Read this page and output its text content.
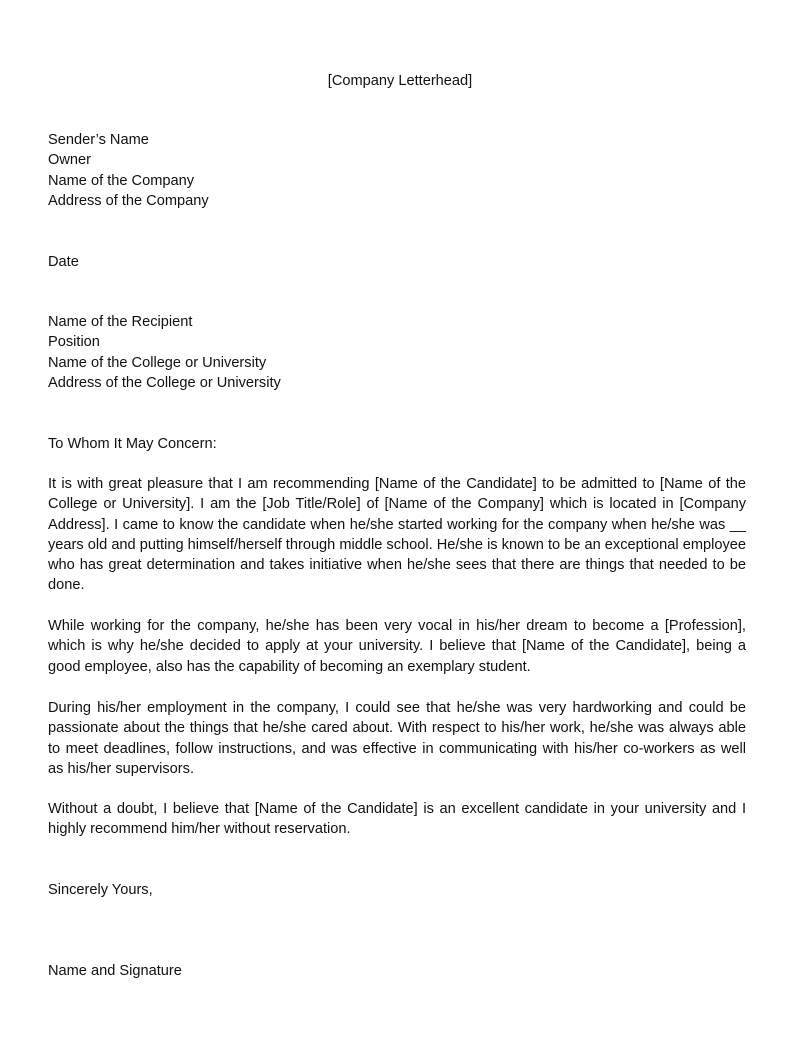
[Company Letterhead]
Sender’s Name
Owner
Name of the Company
Address of the Company
Date
Name of the Recipient
Position
Name of the College or University
Address of the College or University
To Whom It May Concern:

It is with great pleasure that I am recommending [Name of the Candidate] to be admitted to [Name of the College or University]. I am the [Job Title/Role] of [Name of the Company] which is located in [Company Address]. I came to know the candidate when he/she started working for the company when he/she was __ years old and putting himself/herself through middle school. He/she is known to be an exceptional employee who has great determination and takes initiative when he/she sees that there are things that needed to be done.

While working for the company, he/she has been very vocal in his/her dream to become a [Profession], which is why he/she decided to apply at your university. I believe that [Name of the Candidate], being a good employee, also has the capability of becoming an exemplary student.

During his/her employment in the company, I could see that he/she was very hardworking and could be passionate about the things that he/she cared about. With respect to his/her work, he/she was always able to meet deadlines, follow instructions, and was effective in communicating with his/her co-workers as well as his/her supervisors.

Without a doubt, I believe that [Name of the Candidate] is an excellent candidate in your university and I highly recommend him/her without reservation.

Sincerely Yours,
Name and Signature
